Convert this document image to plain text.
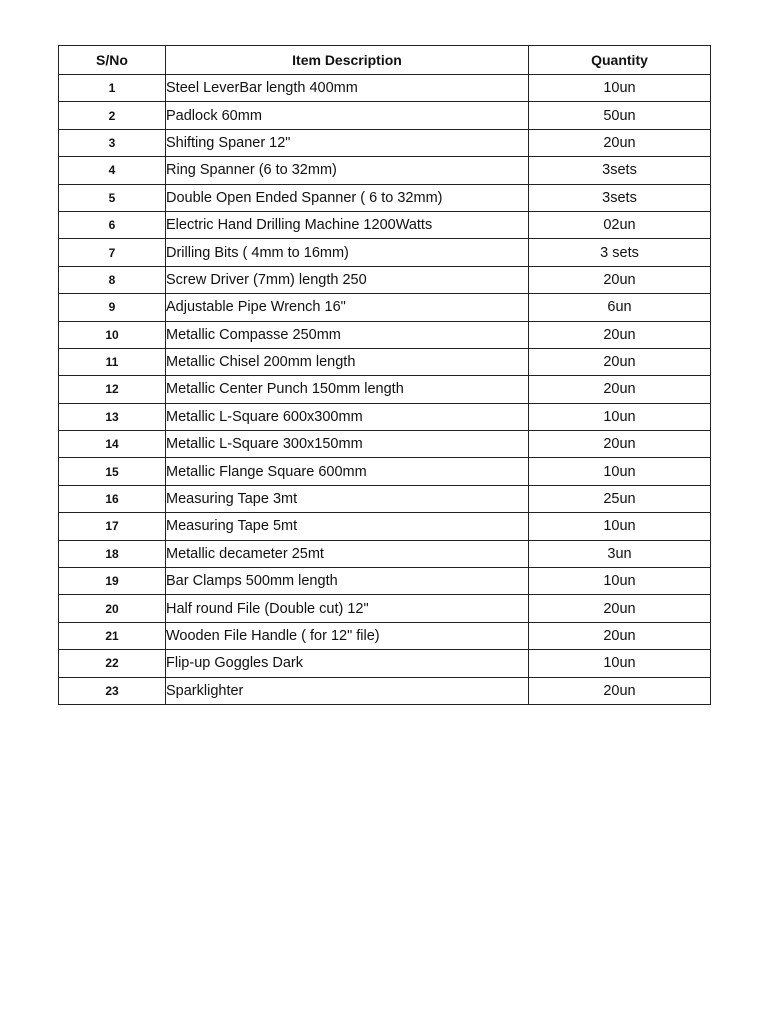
S/No	Item Description	Quantity
1	Steel LeverBar length 400mm	10un
2	Padlock 60mm	50un
3	Shifting Spaner 12"	20un
4	Ring Spanner (6 to 32mm)	3sets
5	Double Open Ended Spanner ( 6 to 32mm)	3sets
6	Electric Hand Drilling Machine 1200Watts	02un
7	Drilling Bits ( 4mm to 16mm)	3 sets
8	Screw Driver (7mm) length 250	20un
9	Adjustable Pipe Wrench 16"	6un
10	Metallic Compasse 250mm	20un
11	Metallic Chisel 200mm length	20un
12	Metallic Center Punch 150mm length	20un
13	Metallic L-Square 600x300mm	10un
14	Metallic L-Square 300x150mm	20un
15	Metallic Flange Square 600mm	10un
16	Measuring Tape 3mt	25un
17	Measuring Tape 5mt	10un
18	Metallic decameter 25mt	3un
19	Bar Clamps 500mm length	10un
20	Half round File (Double cut) 12"	20un
21	Wooden File Handle ( for 12" file)	20un
22	Flip-up Goggles Dark	10un
23	Sparklighter	20un
